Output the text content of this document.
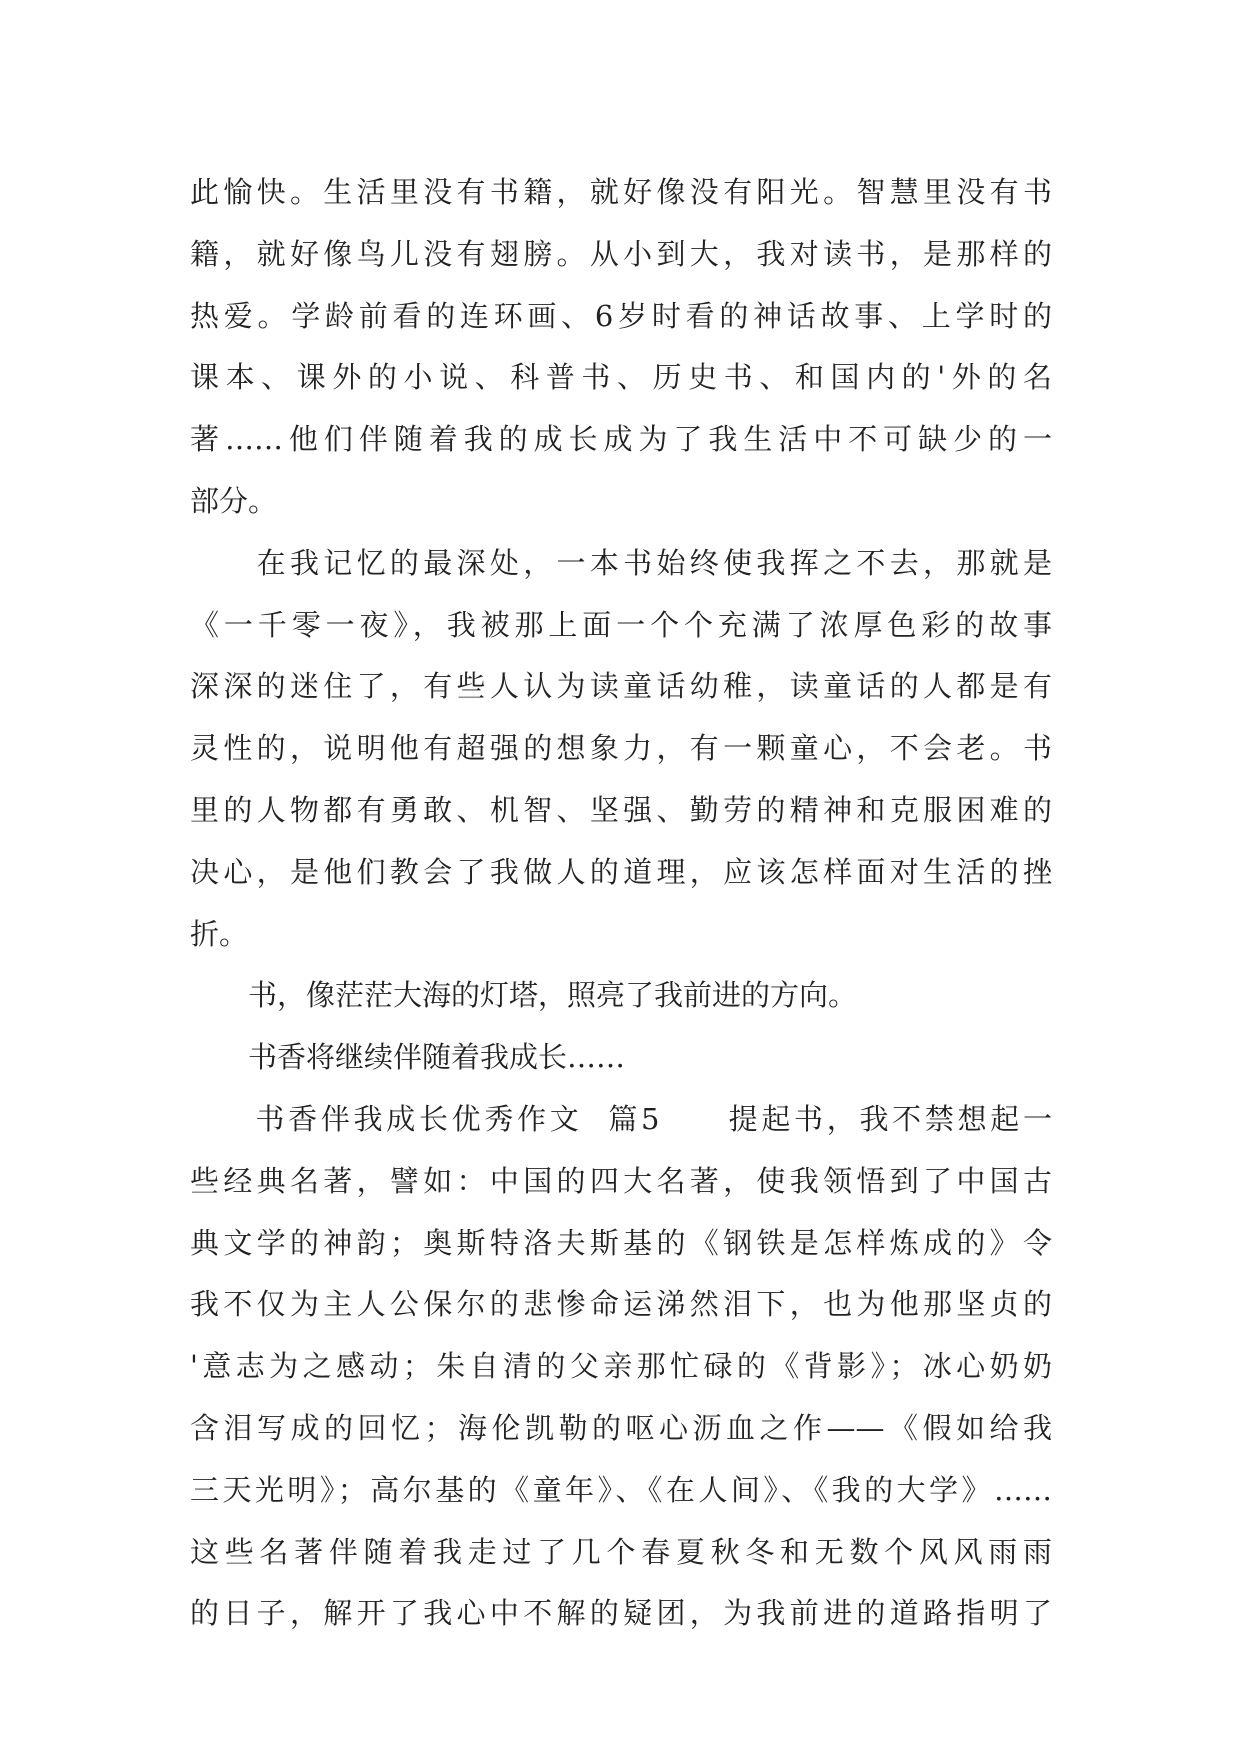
此愉快。生活里没有书籍，就好像没有阳光。智慧里没有书
籍，就好像鸟儿没有翅膀。从小到大，我对读书，是那样的
热爱。学龄前看的连环画、6岁时看的神话故事、上学时的
课本、课外的小说、科普书、历史书、和国内的'外的名
著……他们伴随着我的成长成为了我生活中不可缺少的一
部分。
　　在我记忆的最深处，一本书始终使我挥之不去，那就是
《一千零一夜》，我被那上面一个个充满了浓厚色彩的故事
深深的迷住了，有些人认为读童话幼稚，读童话的人都是有
灵性的，说明他有超强的想象力，有一颗童心，不会老。书
里的人物都有勇敢、机智、坚强、勤劳的精神和克服困难的
决心，是他们教会了我做人的道理，应该怎样面对生活的挫
折。
　　书，像茫茫大海的灯塔，照亮了我前进的方向。
　　书香将继续伴随着我成长……
　　书香伴我成长优秀作文  篇5　　提起书，我不禁想起一
些经典名著，譬如：中国的四大名著，使我领悟到了中国古
典文学的神韵；奥斯特洛夫斯基的《钢铁是怎样炼成的》令
我不仅为主人公保尔的悲惨命运涕然泪下，也为他那坚贞的
'意志为之感动；朱自清的父亲那忙碌的《背影》；冰心奶奶
含泪写成的回忆；海伦凯勒的呕心沥血之作——《假如给我
三天光明》；高尔基的《童年》、《在人间》、《我的大学》……
这些名著伴随着我走过了几个春夏秋冬和无数个风风雨雨
的日子，解开了我心中不解的疑团，为我前进的道路指明了
